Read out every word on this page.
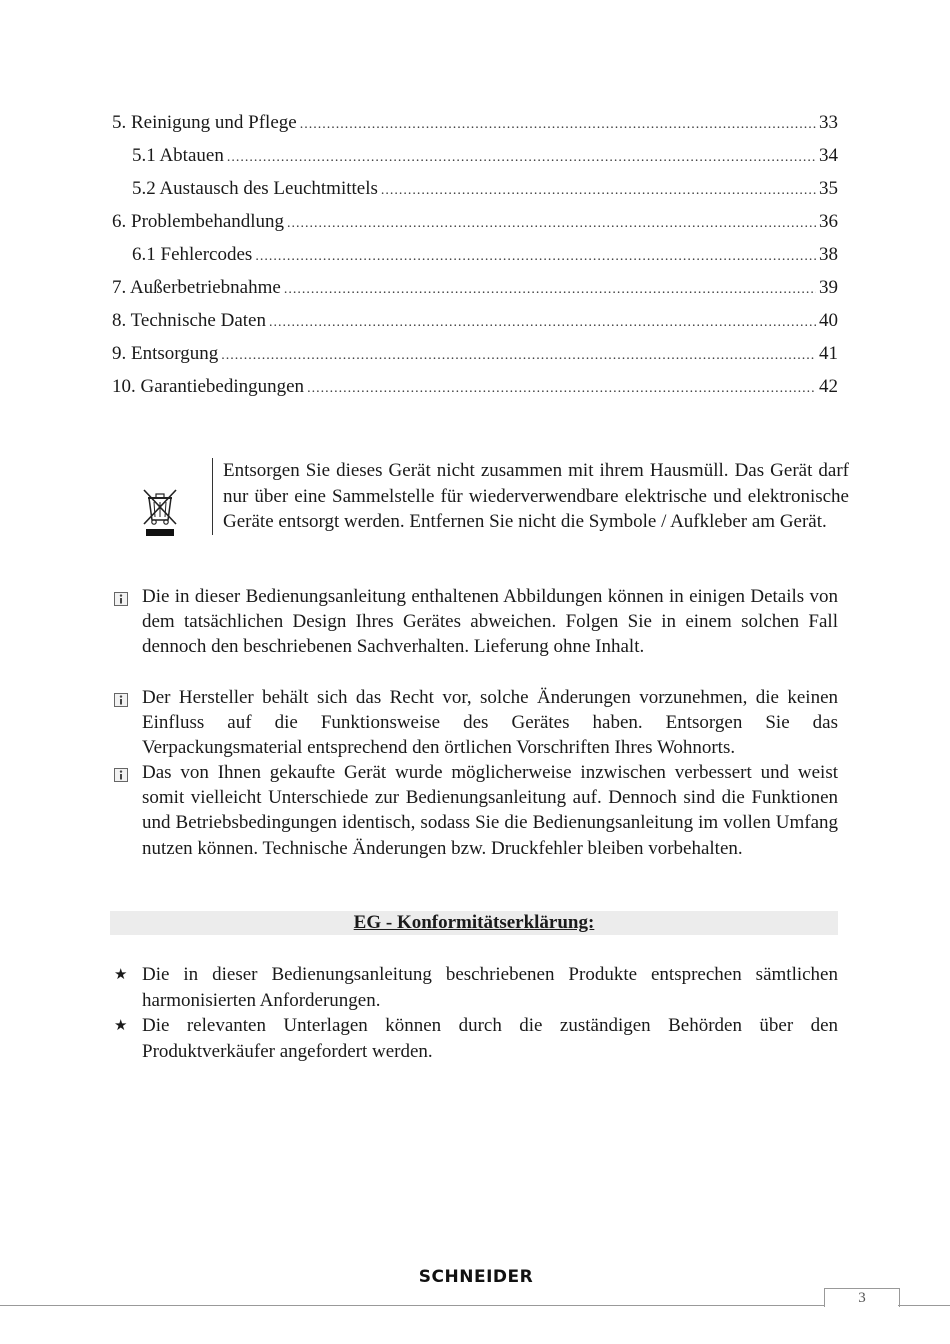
5. Reinigung und Pflege .....	33
5.1 Abtauen .....	34
5.2 Austausch des Leuchtmittels .....	35
6. Problembehandlung .....	36
6.1 Fehlercodes .....	38
7. Außerbetriebnahme .....	39
8. Technische Daten .....	40
9. Entsorgung .....	41
10. Garantiebedingungen .....	42
Entsorgen Sie dieses Gerät nicht zusammen mit ihrem Hausmüll. Das Gerät darf nur über eine Sammelstelle für wiederverwendbare elektrische und elektronische Geräte entsorgt werden. Entfernen Sie nicht die Symbole / Aufkleber am Gerät.
Die in dieser Bedienungsanleitung enthaltenen Abbildungen können in einigen Details von dem tatsächlichen Design Ihres Gerätes abweichen. Folgen Sie in einem solchen Fall dennoch den beschriebenen Sachverhalten. Lieferung ohne Inhalt.
Der Hersteller behält sich das Recht vor, solche Änderungen vorzunehmen, die keinen Einfluss auf die Funktionsweise des Gerätes haben. Entsorgen Sie das Verpackungsmaterial entsprechend den örtlichen Vorschriften Ihres Wohnorts.
Das von Ihnen gekaufte Gerät wurde möglicherweise inzwischen verbessert und weist somit vielleicht Unterschiede zur Bedienungsanleitung auf. Dennoch sind die Funktionen und Betriebsbedingungen identisch, sodass Sie die Bedienungsanleitung im vollen Umfang nutzen können. Technische Änderungen bzw. Druckfehler bleiben vorbehalten.
EG - Konformitätserklärung:
★ Die in dieser Bedienungsanleitung beschriebenen Produkte entsprechen sämtlichen harmonisierten Anforderungen.
★ Die relevanten Unterlagen können durch die zuständigen Behörden über den Produktverkäufer angefordert werden.
SCHNEIDER
3
